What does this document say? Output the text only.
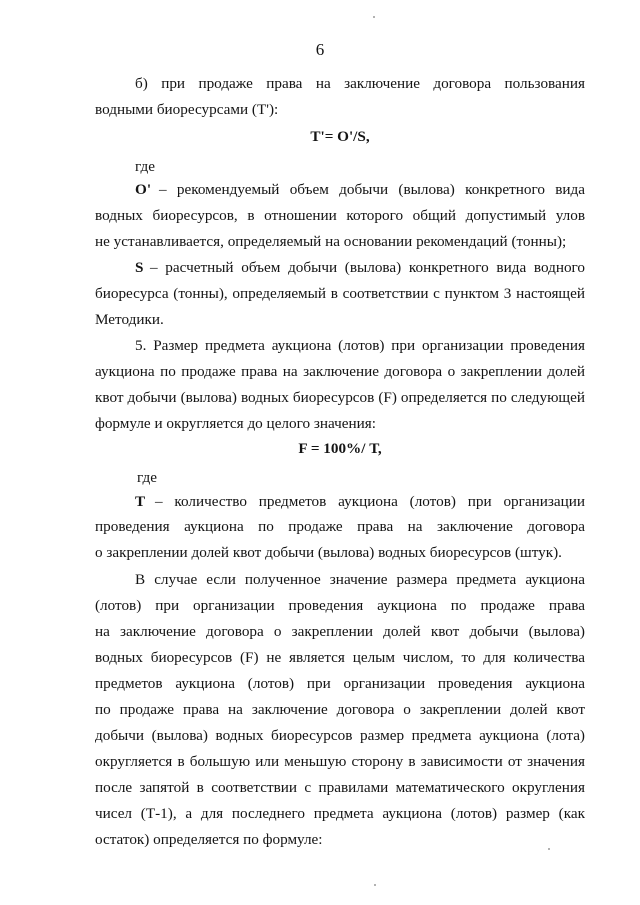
6

б) при продаже права на заключение договора пользования

водными биоресурсами (Т'):

Т'= О'/S,

где

О' – рекомендуемый объем добычи (вылова) конкретного вида

водных биоресурсов, в отношении которого общий допустимый улов

не устанавливается, определяемый на основании рекомендаций (тонны);

S – расчетный объем добычи (вылова) конкретного вида водного

биоресурса (тонны), определяемый в соответствии с пунктом 3 настоящей

Методики.

5. Размер предмета аукциона (лотов) при организации проведения

аукциона по продаже права на заключение договора о закреплении долей

квот добычи (вылова) водных биоресурсов (F) определяется по следующей

формуле и округляется до целого значения:

F = 100%/ Т,

где

Т – количество предметов аукциона (лотов) при организации

проведения аукциона по продаже права на заключение договора

о закреплении долей квот добычи (вылова) водных биоресурсов (штук).

В случае если полученное значение размера предмета аукциона

(лотов) при организации проведения аукциона по продаже права

на заключение договора о закреплении долей квот добычи (вылова)

водных биоресурсов (F) не является целым числом, то для количества

предметов аукциона (лотов) при организации проведения аукциона

по продаже права на заключение договора о закреплении долей квот

добычи (вылова) водных биоресурсов размер предмета аукциона (лота)

округляется в большую или меньшую сторону в зависимости от значения

после запятой в соответствии с правилами математического округления

чисел (Т-1), а для последнего предмета аукциона (лотов) размер (как

остаток) определяется по формуле:
